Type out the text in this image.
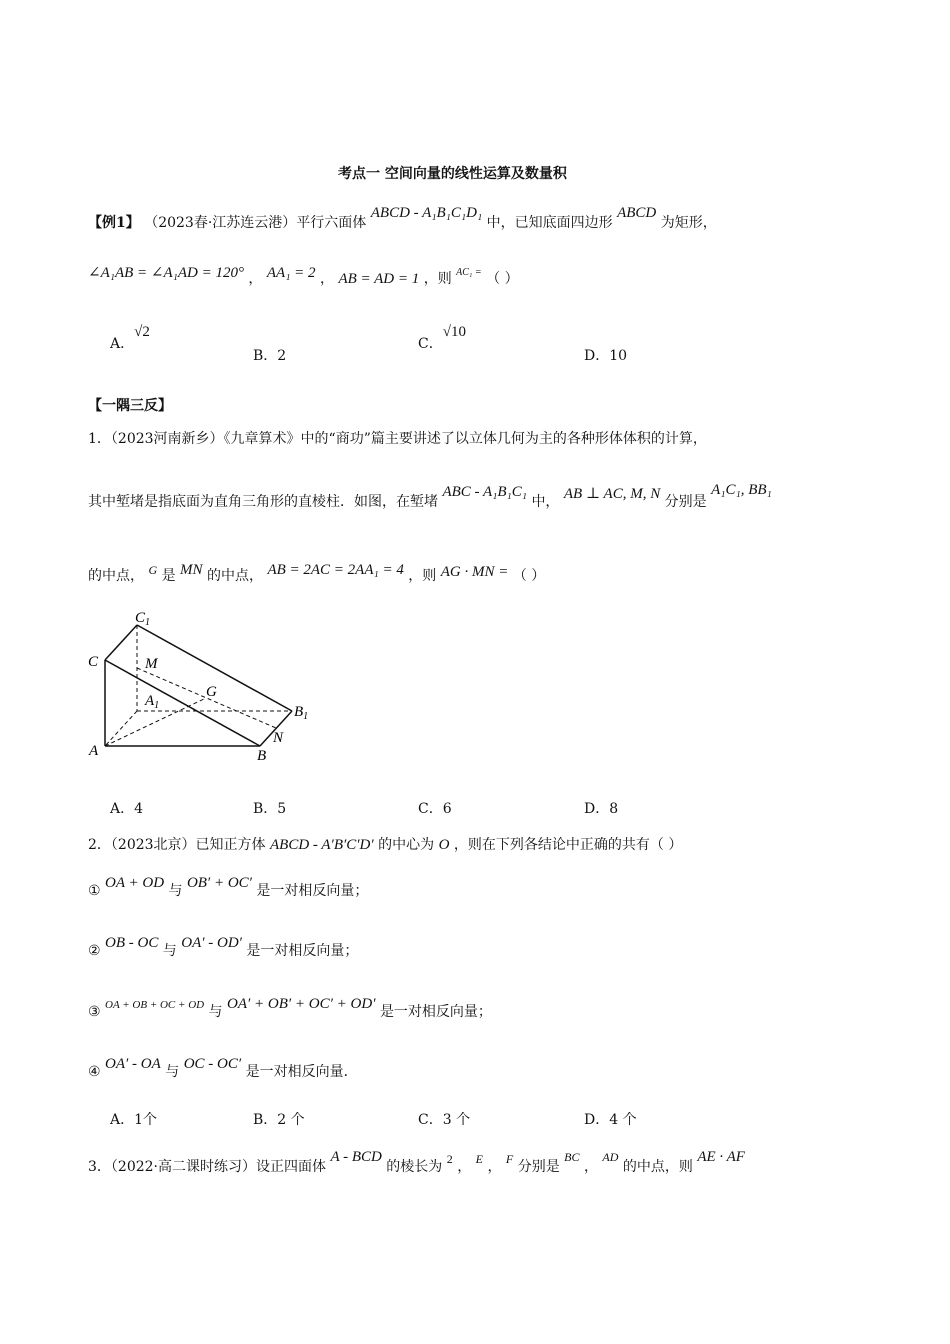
考点一 空间向量的线性运算及数量积
【例1】 （2023春·江苏连云港）平行六面体 ABCD - A₁B₁C₁D₁ 中，已知底面四边形 ABCD 为矩形，
∠A₁AB = ∠A₁AD = 120° ， AA₁ = 2 ， AB = AD = 1 ，则 $^{AC_1 =}$ （ ）
A．√2
B．2
C．√10
D．10
【一隅三反】
1．（2023河南新乡）《九章算术》中的“商功”篇主要讲述了以立体几何为主的各种形体体积的计算，
其中堑堵是指底面为直角三角形的直棱柱．如图，在堑堵 ABC - A₁B₁C₁ 中， AB ⊥ AC, M, N 分别是 A₁C₁, BB₁
的中点， G 是 MN 的中点， AB = 2AC = 2AA₁ = 4 ，则 AG · MN = （ ）
$C_1$
C	M
$A_1$
G
$B_1$
N
A	B
A．4	B．5	C．6	D．8
2．（2023北京）已知正方体 ABCD - A′B′C′D′ 的中心为 O ，则在下列各结论中正确的共有（ ）
① OA + OD 与 OB′ + OC′ 是一对相反向量；
② OB - OC 与 OA′ - OD′ 是一对相反向量；
③ $^{OA + OB + OC + OD}$ 与 OA′ + OB′ + OC′ + OD′ 是一对相反向量；
④ OA′ - OA 与 OC - OC′ 是一对相反向量．
A．1个	B．2 个	C．3 个	D．4 个
3．（2022·高二课时练习）设正四面体 A - BCD 的棱长为 2 ， E ， F 分别是 BC ， AD 的中点，则 AE · AF
